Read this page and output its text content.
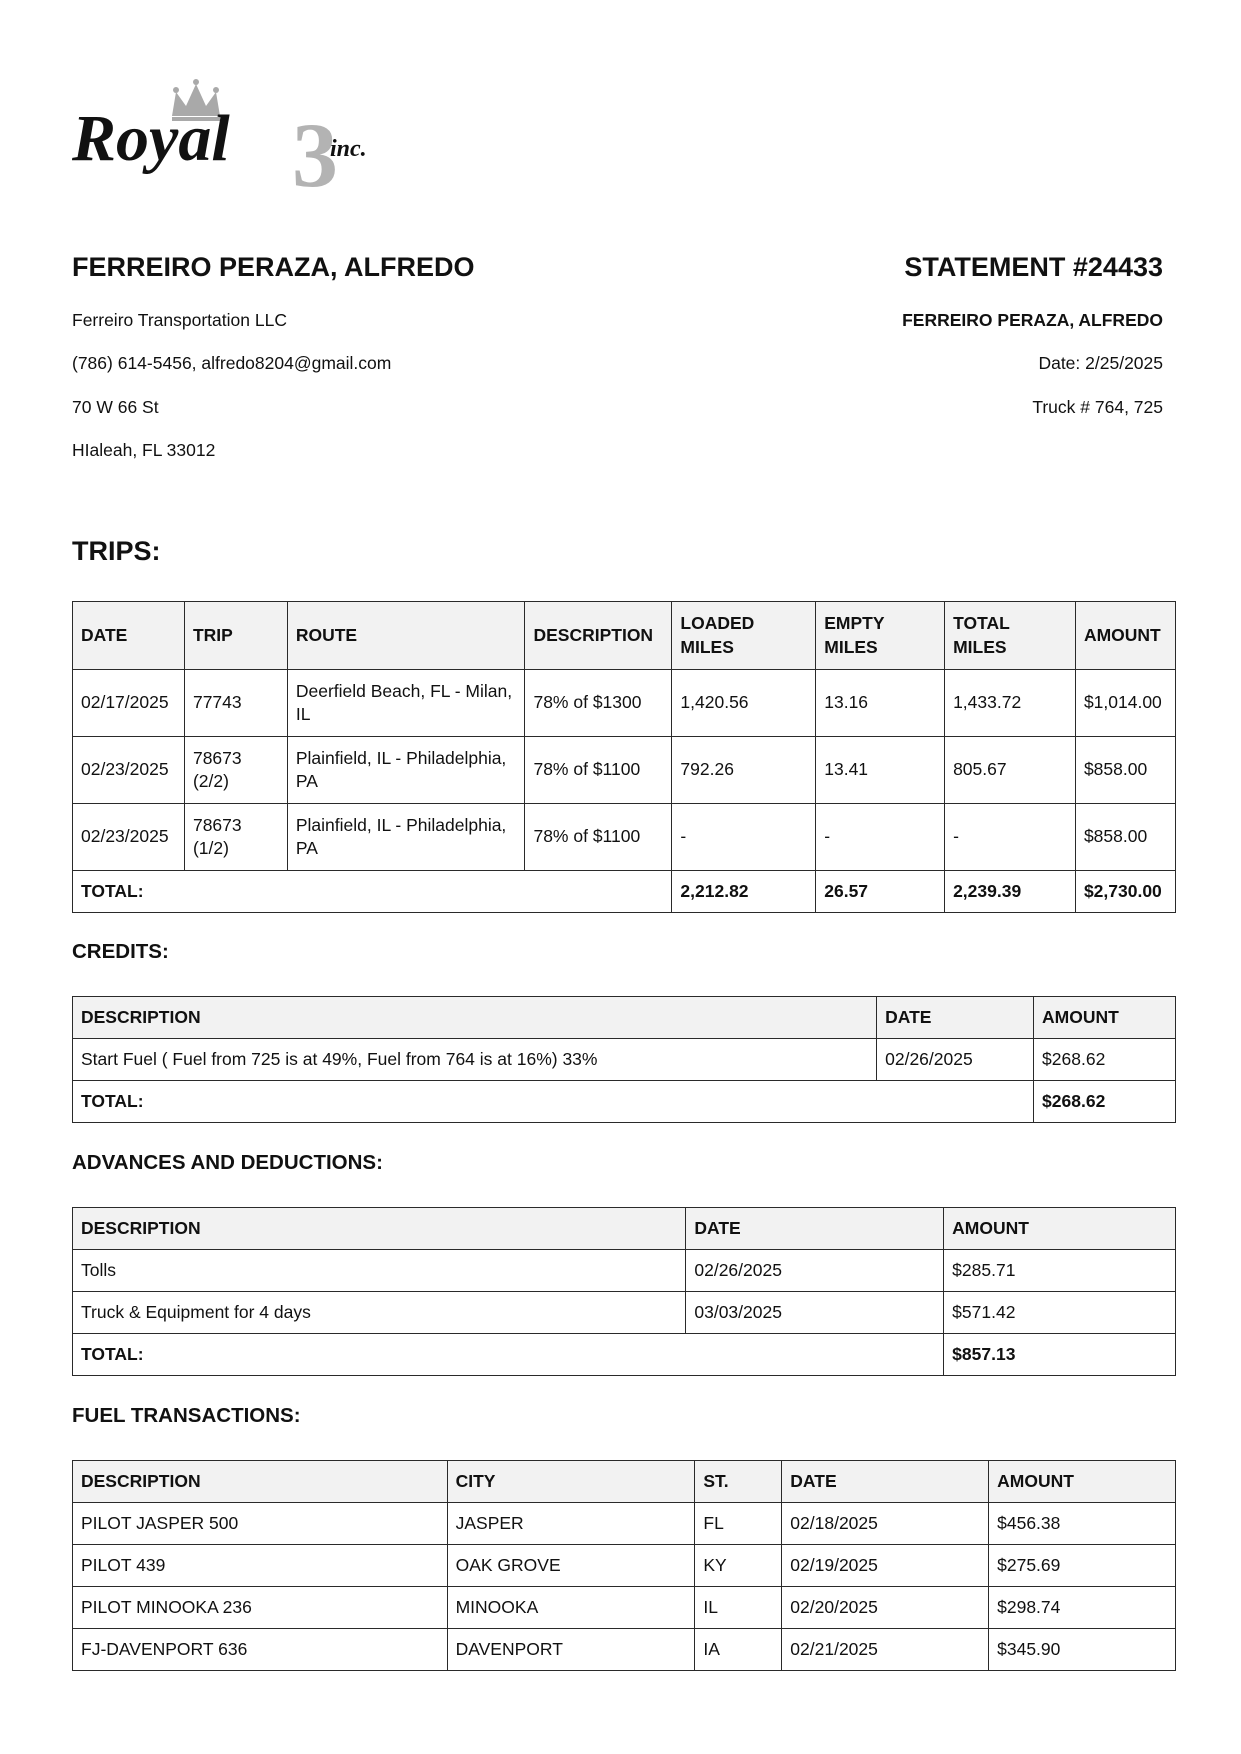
3
Royal	inc.
FERREIRO PERAZA, ALFREDO	STATEMENT #24433
Ferreiro Transportation LLC
(786) 614-5456, alfredo8204@gmail.com
70 W 66 St
HIaleah, FL 33012
FERREIRO PERAZA, ALFREDO
Date: 2/25/2025
Truck # 764, 725
TRIPS:
DATE	TRIP	ROUTE	DESCRIPTION	LOADED MILES	EMPTY MILES	TOTAL MILES	AMOUNT
02/17/2025	77743	Deerfield Beach, FL - Milan, IL	78% of $1300	1,420.56	13.16	1,433.72	$1,014.00
02/23/2025	78673 (2/2)	Plainfield, IL - Philadelphia, PA	78% of $1100	792.26	13.41	805.67	$858.00
02/23/2025	78673 (1/2)	Plainfield, IL - Philadelphia, PA	78% of $1100	-	-	-	$858.00
TOTAL:				2,212.82	26.57	2,239.39	$2,730.00
CREDITS:
DESCRIPTION	DATE	AMOUNT
Start Fuel ( Fuel from 725 is at 49%, Fuel from 764 is at 16%) 33%	02/26/2025	$268.62
TOTAL:		$268.62
ADVANCES AND DEDUCTIONS:
DESCRIPTION	DATE	AMOUNT
Tolls	02/26/2025	$285.71
Truck & Equipment for 4 days	03/03/2025	$571.42
TOTAL:		$857.13
FUEL TRANSACTIONS:
DESCRIPTION	CITY	ST.	DATE	AMOUNT
PILOT JASPER 500	JASPER	FL	02/18/2025	$456.38
PILOT 439	OAK GROVE	KY	02/19/2025	$275.69
PILOT MINOOKA 236	MINOOKA	IL	02/20/2025	$298.74
FJ-DAVENPORT 636	DAVENPORT	IA	02/21/2025	$345.90
